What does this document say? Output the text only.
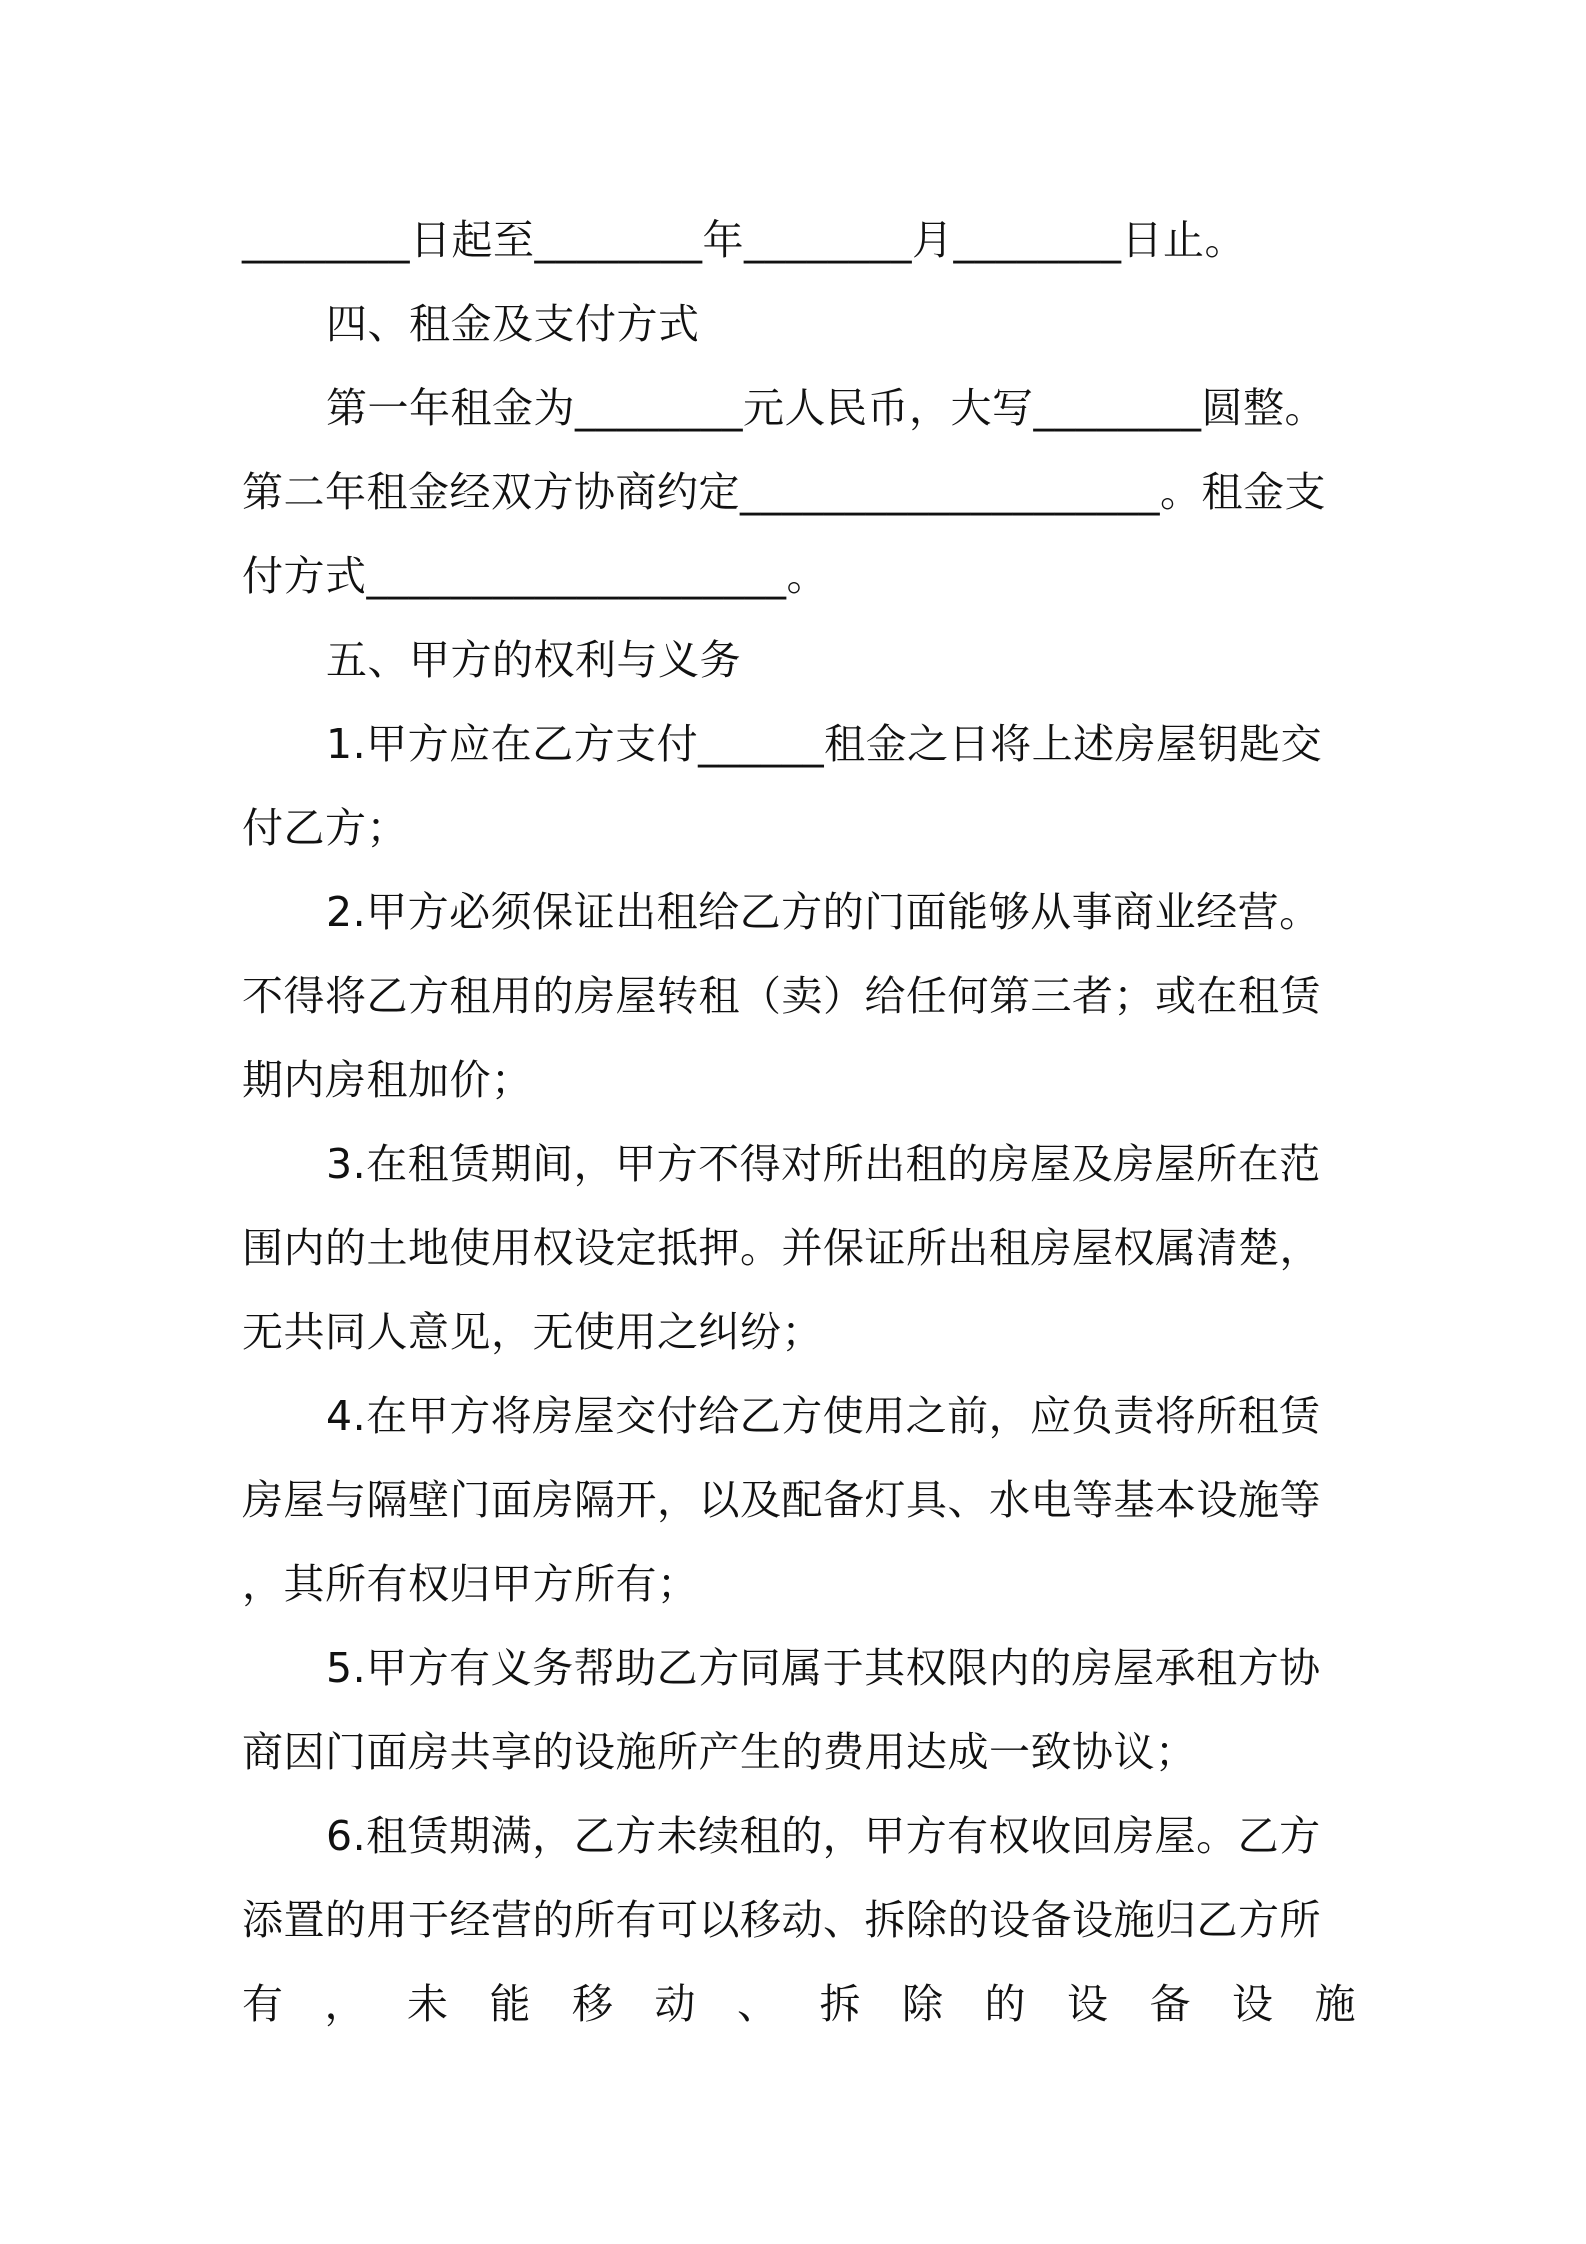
________日起至________年________月________日止。
四、租金及支付方式
第一年租金为________元人民币，大写________圆整。
第二年租金经双方协商约定____________________。租金支
付方式____________________。
五、甲方的权利与义务
1.甲方应在乙方支付______租金之日将上述房屋钥匙交
付乙方；
2.甲方必须保证出租给乙方的门面能够从事商业经营。
不得将乙方租用的房屋转租（卖）给任何第三者；或在租赁
期内房租加价；
3.在租赁期间，甲方不得对所出租的房屋及房屋所在范
围内的土地使用权设定抵押。并保证所出租房屋权属清楚，
无共同人意见，无使用之纠纷；
4.在甲方将房屋交付给乙方使用之前，应负责将所租赁
房屋与隔壁门面房隔开，以及配备灯具、水电等基本设施等
，其所有权归甲方所有；
5.甲方有义务帮助乙方同属于其权限内的房屋承租方协
商因门面房共享的设施所产生的费用达成一致协议；
6.租赁期满，乙方未续租的，甲方有权收回房屋。乙方
添置的用于经营的所有可以移动、拆除的设备设施归乙方所
有 ， 未 能 移 动 、 拆 除 的 设 备 设 施
